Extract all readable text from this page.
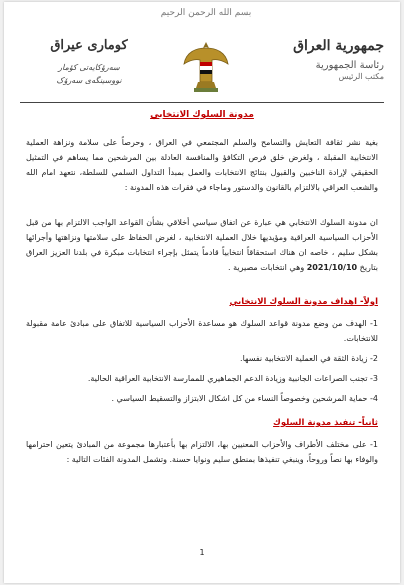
بسم الله الرحمن الرحيم
جمهورية العراق
رئاسة الجمهورية
مكتب الرئيس
كومارى عيراق
سەرۆکایەتی کۆمار
نووسینگەی سەرۆک
مدونة السلوك الانتخابي
بغية نشر ثقافة التعايش والتسامح والسلم المجتمعي في العراق ، وحرصاً على سلامة ونزاهة العملية الانتخابية المقبلة ، ولغرض خلق فرص التكافؤ والمنافسة العادلة بين المرشحين مما يساهم في التمثيل الحقيقي لإرادة الناخبين والقبول بنتائج الانتخابات والعمل بمبدأ التداول السلمي للسلطة، نتعهد امام الله والشعب العراقي بالالتزام بالقانون والدستور وماجاء في فقرات هذه المدونة :
ان مدونة السلوك الانتخابي هي عبارة عن اتفاق سياسي أخلاقي بشأن القواعد الواجب الالتزام بها من قبل الأحزاب السياسية العراقية ومؤيديها خلال العملية الانتخابية ، لغرض الحفاظ على سلامتها ونزاهتها وأجرائها بشكل سليم ، خاصه ان هناك استحقاقاً انتخابياً قادماً يتمثل بإجراء انتخابات مبكرة في بلدنا العزيز العراق بتاريخ 2021/10/10 وهي انتخابات مصيرية .
اولاً- اهداف مدونة السلوك الانتخابي
1- الهدف من وضع مدونة قواعد السلوك هو مساعدة الأحزاب السياسية للاتفاق على مبادئ عامة مقبولة للانتخابات.
2- زيادة الثقة في العملية الانتخابية نفسها.
3- تجنب الصراعات الجانبية وزيادة الدعم الجماهيري للممارسة الانتخابية العراقية الحالية.
4- حماية المرشحين وخصوصاً النساء من كل اشكال الابتزاز والتسقيط السياسي .
ثانياً- تنفيذ مدونة السلوك
1- على مختلف الأطراف والأحزاب المعنيين بها، الالتزام بها بأعتبارها مجموعة من المبادئ يتعين احترامها والوفاء بها نصاً وروحاً، وينبغي تنفيذها بمنطق سليم ونوايا حسنة. وتشمل المدونة الفئات التالية :
1
